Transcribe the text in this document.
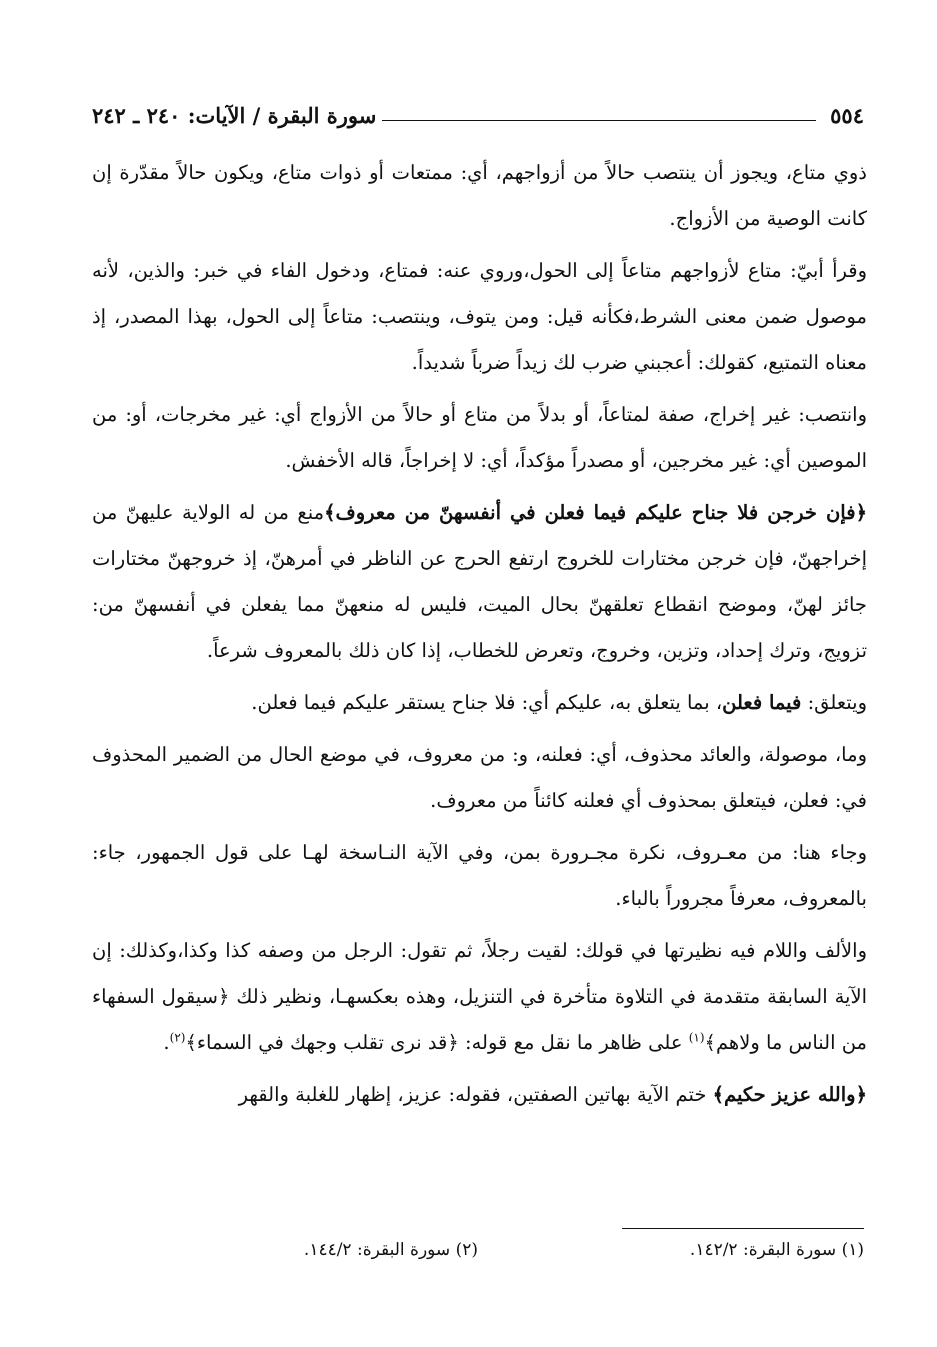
٥٥٤
سورة البقرة / الآيات: ٢٤٠ ـ ٢٤٢

ذوي متاع، ويجوز أن ينتصب حالاً من أزواجهم، أي: ممتعات أو ذوات متاع، ويكون حالاً مقدّرة إن كانت الوصية من الأزواج.

وقرأ أبيّ: متاع لأزواجهم متاعاً إلى الحول،وروي عنه: فمتاع، ودخول الفاء في خبر: والذين، لأنه موصول ضمن معنى الشرط،فكأنه قيل: ومن يتوف، وينتصب: متاعاً إلى الحول، بهذا المصدر، إذ معناه التمتيع، كقولك: أعجبني ضرب لك زيداً ضرباً شديداً.

وانتصب: غير إخراج، صفة لمتاعاً، أو بدلاً من متاع أو حالاً من الأزواج أي: غير مخرجات، أو: من الموصين أي: غير مخرجين، أو مصدراً مؤكداً، أي: لا إخراجاً، قاله الأخفش.

﴿فإن خرجن فلا جناح عليكم فيما فعلن في أنفسهنّ من معروف﴾منع من له الولاية عليهنّ من إخراجهنّ، فإن خرجن مختارات للخروج ارتفع الحرج عن الناظر في أمرهنّ، إذ خروجهنّ مختارات جائز لهنّ، وموضح انقطاع تعلقهنّ بحال الميت، فليس له منعهنّ مما يفعلن في أنفسهنّ من: تزويج، وترك إحداد، وتزين، وخروج، وتعرض للخطاب، إذا كان ذلك بالمعروف شرعاً.

ويتعلق: فيما فعلن، بما يتعلق به، عليكم أي: فلا جناح يستقر عليكم فيما فعلن.

وما، موصولة، والعائد محذوف، أي: فعلنه، و: من معروف، في موضع الحال من الضمير المحذوف في: فعلن، فيتعلق بمحذوف أي فعلنه كائناً من معروف.

وجاء هنا: من معـروف، نكرة مجـرورة بمن، وفي الآية النـاسخة لهـا على قول الجمهور، جاء: بالمعروف، معرفاً مجروراً بالباء.

والألف واللام فيه نظيرتها في قولك: لقيت رجلاً، ثم تقول: الرجل من وصفه كذا وكذا،وكذلك: إن الآية السابقة متقدمة في التلاوة متأخرة في التنزيل، وهذه بعكسهـا، ونظير ذلك ﴿سيقول السفهاء من الناس ما ولاهم﴾$^{(١)}$ على ظاهر ما نقل مع قوله: ﴿قد نرى تقلب وجهك في السماء﴾$^{(٢)}$.

﴿والله عزيز حكيم﴾ ختم الآية بهاتين الصفتين، فقوله: عزيز، إظهار للغلبة والقهر

(١) سورة البقرة: ١٤٢/٢.
(٢) سورة البقرة: ١٤٤/٢.
